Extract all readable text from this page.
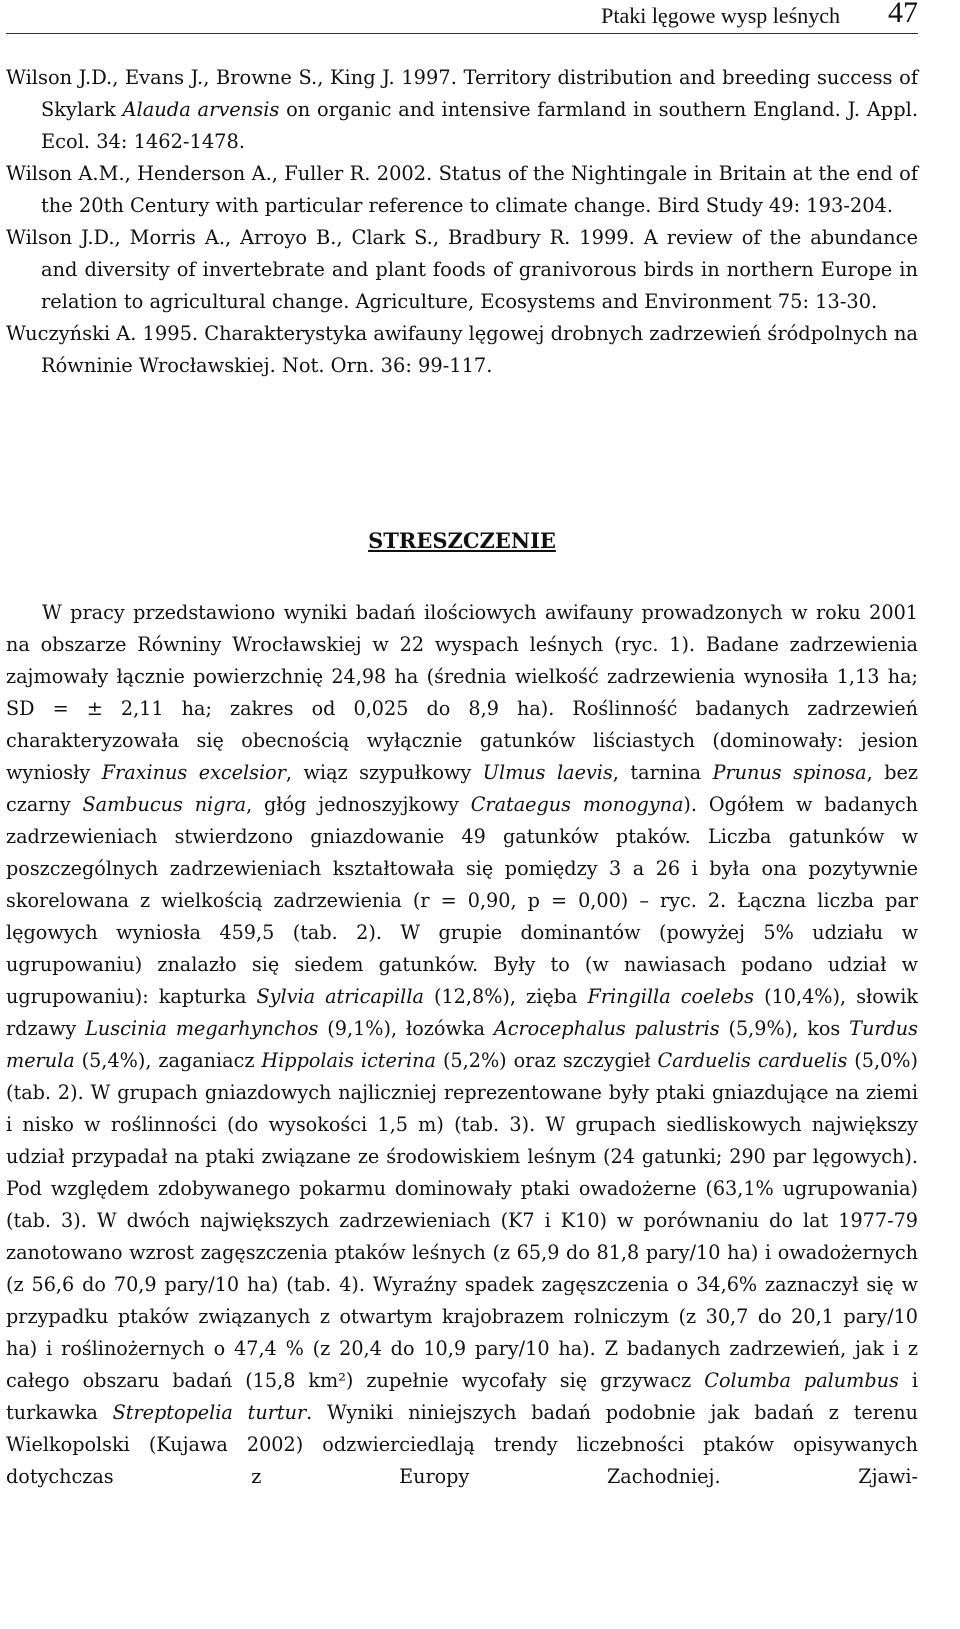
Ptaki lęgowe wysp leśnych 47
Wilson J.D., Evans J., Browne S., King J. 1997. Territory distribution and breeding success of Skylark Alauda arvensis on organic and intensive farmland in southern England. J. Appl. Ecol. 34: 1462-1478.
Wilson A.M., Henderson A., Fuller R. 2002. Status of the Nightingale in Britain at the end of the 20th Century with particular reference to climate change. Bird Study 49: 193-204.
Wilson J.D., Morris A., Arroyo B., Clark S., Bradbury R. 1999. A review of the abundance and diversity of invertebrate and plant foods of granivorous birds in northern Europe in relation to agricultural change. Agriculture, Ecosystems and Environment 75: 13-30.
Wuczyński A. 1995. Charakterystyka awifauny lęgowej drobnych zadrzewień śródpolnych na Równinie Wrocławskiej. Not. Orn. 36: 99-117.
STRESZCZENIE
W pracy przedstawiono wyniki badań ilościowych awifauny prowadzonych w roku 2001 na obszarze Równiny Wrocławskiej w 22 wyspach leśnych (ryc. 1). Badane zadrzewienia zajmowały łącznie powierzchnię 24,98 ha (średnia wielkość zadrzewienia wynosiła 1,13 ha; SD = ± 2,11 ha; zakres od 0,025 do 8,9 ha). Roślinność badanych zadrzewień charakteryzowała się obecnością wyłącznie gatunków liściastych (dominowały: jesion wyniosły Fraxinus excelsior, wiąz szypułkowy Ulmus laevis, tarnina Prunus spinosa, bez czarny Sambucus nigra, głóg jednoszyjkowy Crataegus monogyna). Ogółem w badanych zadrzewieniach stwierdzono gniazdowanie 49 gatunków ptaków. Liczba gatunków w poszczególnych zadrzewieniach kształtowała się pomiędzy 3 a 26 i była ona pozytywnie skorelowana z wielkością zadrzewienia (r = 0,90, p = 0,00) – ryc. 2. Łączna liczba par lęgowych wyniosła 459,5 (tab. 2). W grupie dominantów (powyżej 5% udziału w ugrupowaniu) znalazło się siedem gatunków. Były to (w nawiasach podano udział w ugrupowaniu): kapturka Sylvia atricapilla (12,8%), zięba Fringilla coelebs (10,4%), słowik rdzawy Luscinia megarhynchos (9,1%), łozówka Acrocephalus palustris (5,9%), kos Turdus merula (5,4%), zaganiacz Hippolais icterina (5,2%) oraz szczygieł Carduelis carduelis (5,0%) (tab. 2). W grupach gniazdowych najliczniej reprezentowane były ptaki gniazdujące na ziemi i nisko w roślinności (do wysokości 1,5 m) (tab. 3). W grupach siedliskowych największy udział przypadał na ptaki związane ze środowiskiem leśnym (24 gatunki; 290 par lęgowych). Pod względem zdobywanego pokarmu dominowały ptaki owadożerne (63,1% ugrupowania) (tab. 3). W dwóch największych zadrzewieniach (K7 i K10) w porównaniu do lat 1977-79 zanotowano wzrost zagęszczenia ptaków leśnych (z 65,9 do 81,8 pary/10 ha) i owadożernych (z 56,6 do 70,9 pary/10 ha) (tab. 4). Wyraźny spadek zagęszczenia o 34,6% zaznaczył się w przypadku ptaków związanych z otwartym krajobrazem rolniczym (z 30,7 do 20,1 pary/10 ha) i roślinożernych o 47,4 % (z 20,4 do 10,9 pary/10 ha). Z badanych zadrzewień, jak i z całego obszaru badań (15,8 km²) zupełnie wycofały się grzywacz Columba palumbus i turkawka Streptopelia turtur. Wyniki niniejszych badań podobnie jak badań z terenu Wielkopolski (Kujawa 2002) odzwierciedlają trendy liczebności ptaków opisywanych dotychczas z Europy Zachodniej. Zjawi-
